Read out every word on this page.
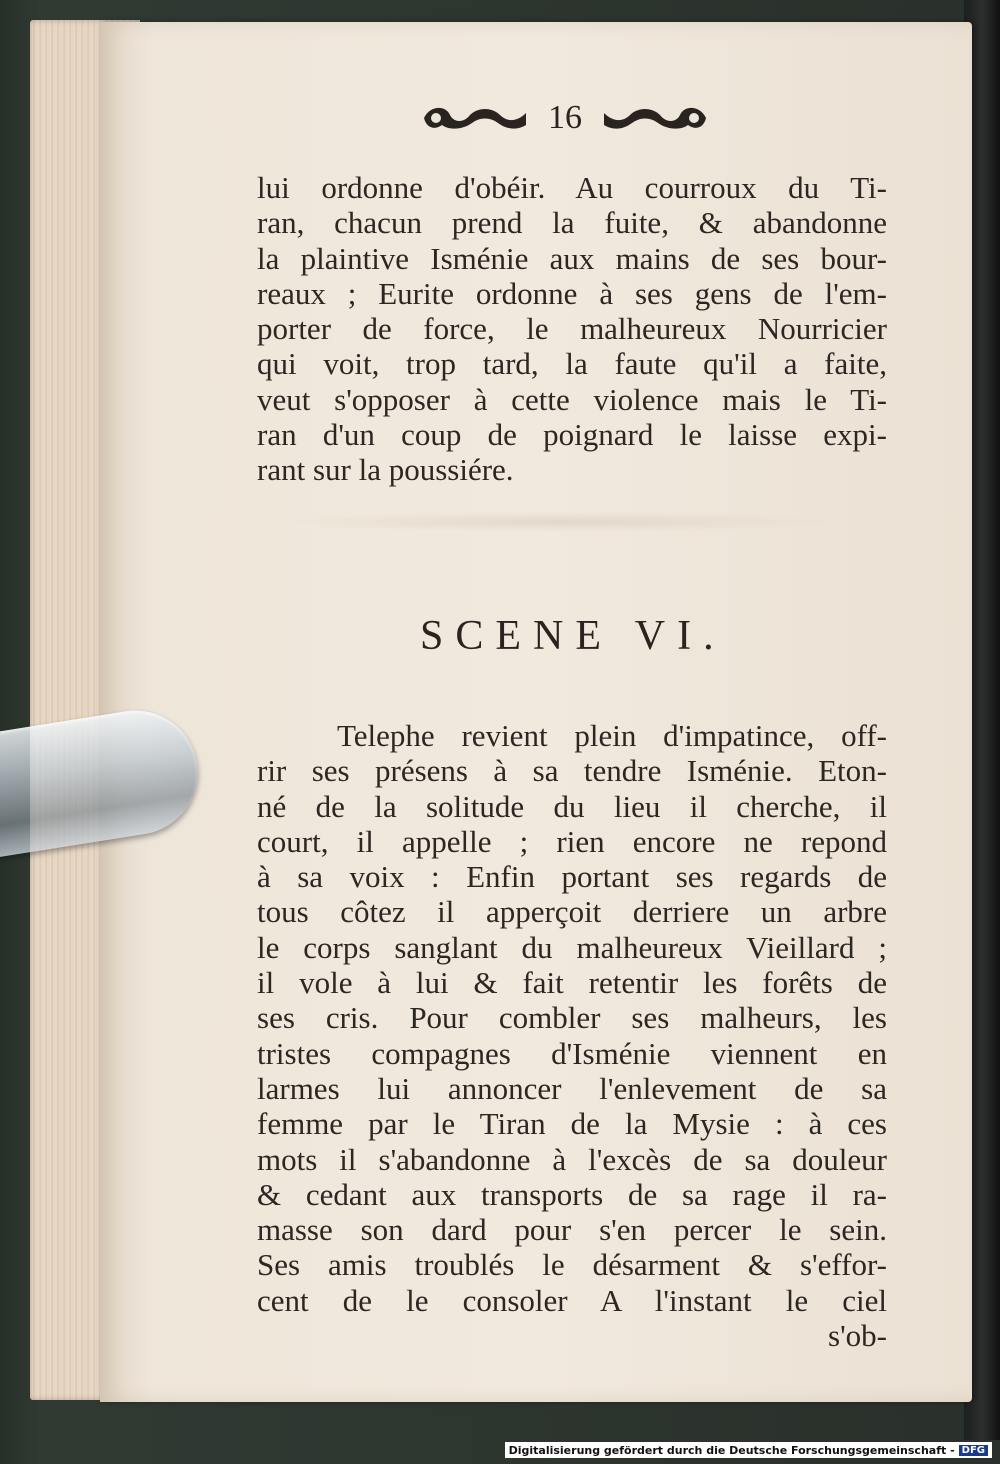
16
lui ordonne d'obéir. Au courroux du Ti-
ran, chacun prend la fuite, & abandonne
la plaintive Isménie aux mains de ses bour-
reaux ; Eurite ordonne à ses gens de l'em-
porter de force, le malheureux Nourricier
qui voit, trop tard, la faute qu'il a faite,
veut s'opposer à cette violence mais le Ti-
ran d'un coup de poignard le laisse expi-
rant sur la poussiére.
SCENE VI.
Telephe revient plein d'impatince, off-
rir ses présens à sa tendre Isménie. Eton-
né de la solitude du lieu il cherche, il
court, il appelle ; rien encore ne repond
à sa voix : Enfin portant ses regards de
tous côtez il apperçoit derriere un arbre
le corps sanglant du malheureux Vieillard ;
il vole à lui & fait retentir les forêts de
ses cris. Pour combler ses malheurs, les
tristes compagnes d'Isménie viennent en
larmes lui annoncer l'enlevement de sa
femme par le Tiran de la Mysie : à ces
mots il s'abandonne à l'excès de sa douleur
& cedant aux transports de sa rage il ra-
masse son dard pour s'en percer le sein.
Ses amis troublés le désarment & s'effor-
cent de le consoler A l'instant le ciel
s'ob-
Digitalisierung gefördert durch die Deutsche Forschungsgemeinschaft - DFG
